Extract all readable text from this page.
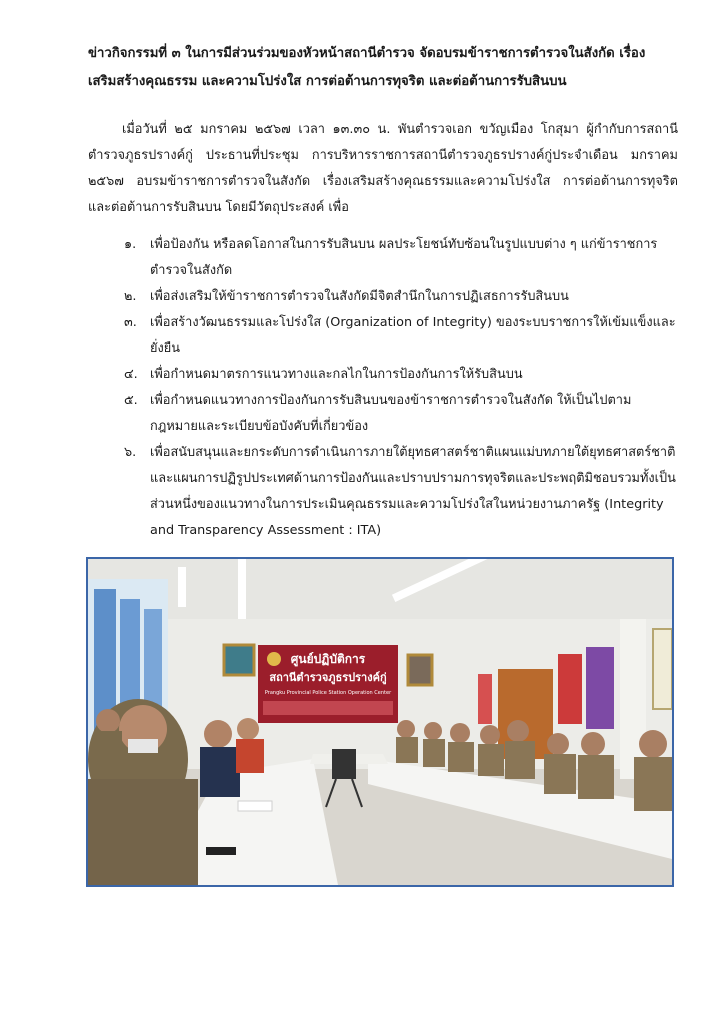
ข่าวกิจกรรมที่ ๓ ในการมีส่วนร่วมของหัวหน้าสถานีตำรวจ จัดอบรมข้าราชการตำรวจในสังกัด เรื่อง เสริมสร้างคุณธรรม และความโปร่งใส การต่อต้านการทุจริต และต่อต้านการรับสินบน
เมื่อวันที่ ๒๕ มกราคม ๒๕๖๗ เวลา ๑๓.๓๐ น. พันตำรวจเอก ขวัญเมือง โกสุมา ผู้กำกับการสถานีตำรวจภูธรปรางค์กู่ ประธานที่ประชุม การบริหารราชการสถานีตำรวจภูธรปรางค์กู่ประจำเดือน มกราคม ๒๕๖๗ อบรมข้าราชการตำรวจในสังกัด เรื่องเสริมสร้างคุณธรรมและความโปร่งใส การต่อต้านการทุจริต และต่อต้านการรับสินบน โดยมีวัตถุประสงค์ เพื่อ
๑.	เพื่อป้องกัน หรือลดโอกาสในการรับสินบน ผลประโยชน์ทับซ้อนในรูปแบบต่าง ๆ แก่ข้าราชการตำรวจในสังกัด
๒.	เพื่อส่งเสริมให้ข้าราชการตำรวจในสังกัดมีจิตสำนึกในการปฏิเสธการรับสินบน
๓.	เพื่อสร้างวัฒนธรรมและโปร่งใส (Organization of Integrity) ของระบบราชการให้เข้มแข็งและยั่งยืน
๔. เพื่อกำหนดมาตรการแนวทางและกลไกในการป้องกันการให้รับสินบน
๕. เพื่อกำหนดแนวทางการป้องกันการรับสินบนของข้าราชการตำรวจในสังกัด ให้เป็นไปตามกฎหมายและระเบียบข้อบังคับที่เกี่ยวข้อง
๖.	เพื่อสนับสนุนและยกระดับการดำเนินการภายใต้ยุทธศาสตร์ชาติแผนแม่บทภายใต้ยุทธศาสตร์ชาติและแผนการปฏิรูปประเทศด้านการป้องกันและปราบปรามการทุจริตและประพฤติมิชอบรวมทั้งเป็นส่วนหนึ่งของแนวทางในการประเมินคุณธรรมและความโปร่งใสในหน่วยงานภาครัฐ (Integrity and Transparency Assessment : ITA)
ศูนย์ปฏิบัติการ
สถานีตำรวจภูธรปรางค์กู่
Prangku Provincial Police Station Operation Center
